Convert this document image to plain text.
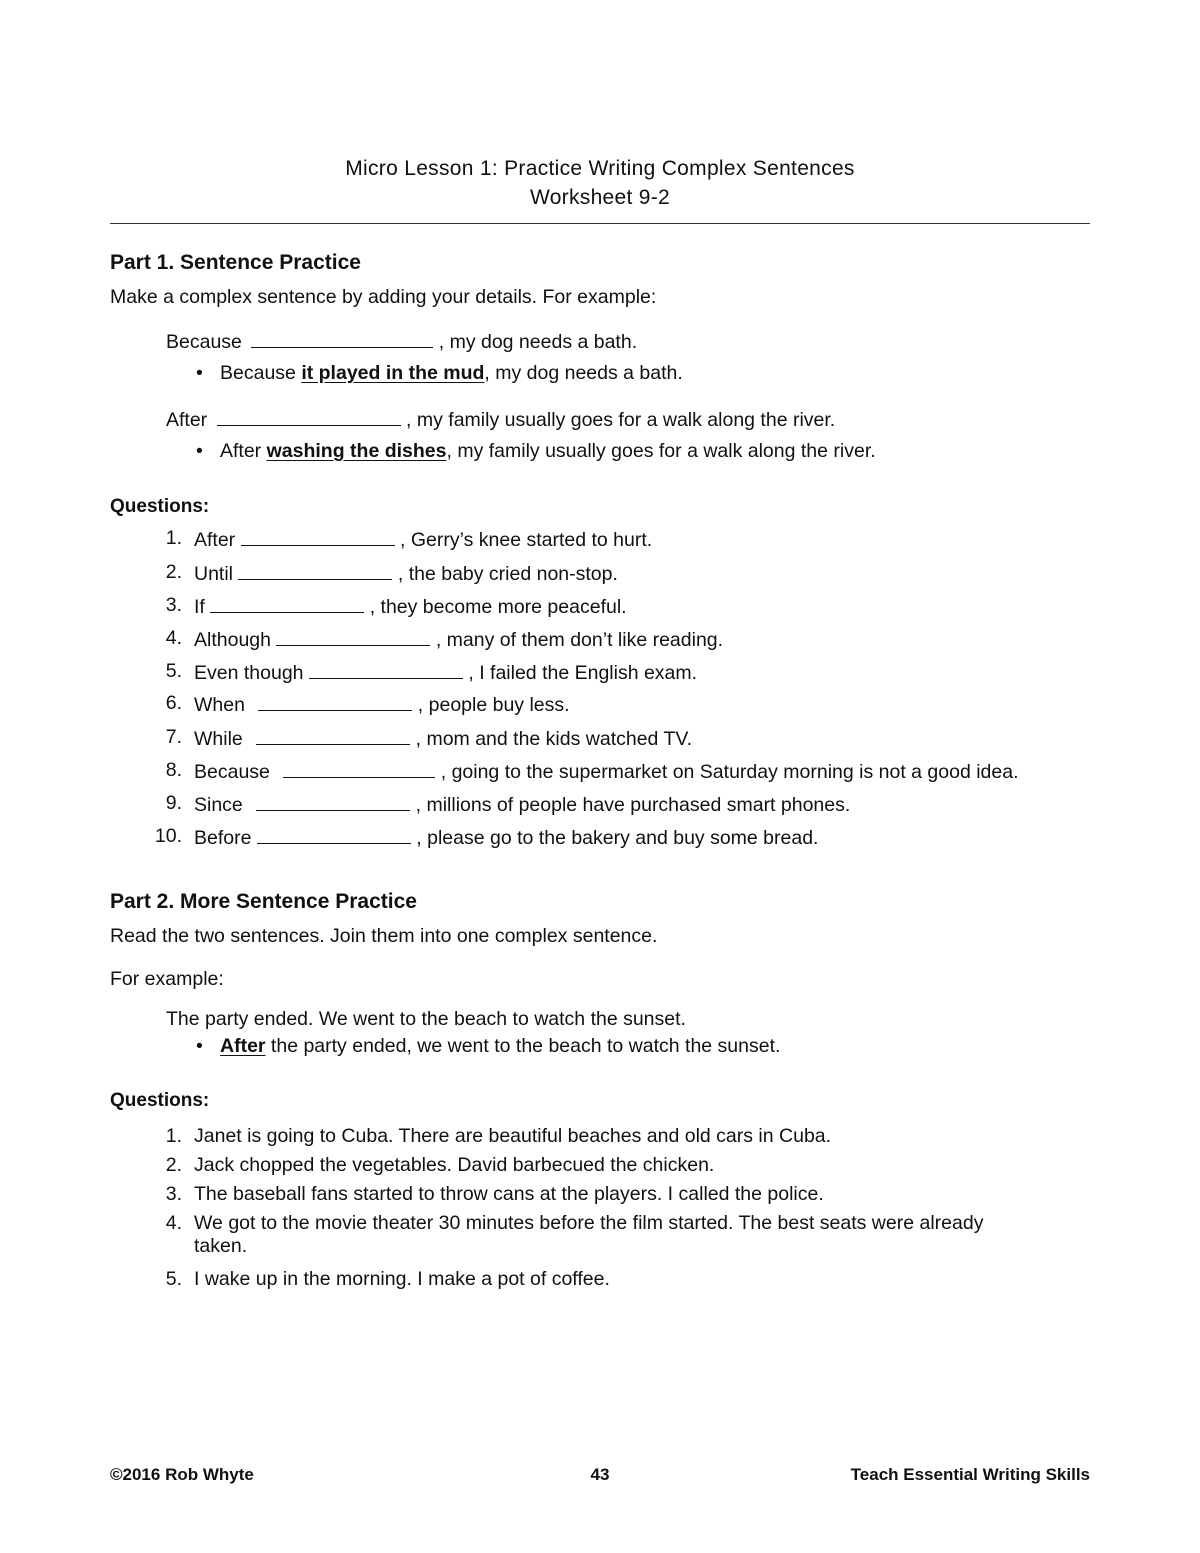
Micro Lesson 1: Practice Writing Complex Sentences
Worksheet 9-2
Part 1. Sentence Practice
Make a complex sentence by adding your details. For example:
Because	, my dog needs a bath.
• Because it played in the mud, my dog needs a bath.
After	, my family usually goes for a walk along the river.
• After washing the dishes, my family usually goes for a walk along the river.
Questions:
1. After	, Gerry’s knee started to hurt.
2. Until	, the baby cried non-stop.
3. If	, they become more peaceful.
4. Although	, many of them don’t like reading.
5. Even though	, I failed the English exam.
6. When	, people buy less.
7. While	, mom and the kids watched TV.
8. Because	, going to the supermarket on Saturday morning is not a good idea.
9. Since	, millions of people have purchased smart phones.
10. Before	, please go to the bakery and buy some bread.
Part 2. More Sentence Practice
Read the two sentences. Join them into one complex sentence.
For example:
The party ended. We went to the beach to watch the sunset.
• After the party ended, we went to the beach to watch the sunset.
Questions:
1. Janet is going to Cuba. There are beautiful beaches and old cars in Cuba.
2. Jack chopped the vegetables. David barbecued the chicken.
3. The baseball fans started to throw cans at the players. I called the police.
4. We got to the movie theater 30 minutes before the film started. The best seats were already
taken.
5. I wake up in the morning. I make a pot of coffee.
©2016 Rob Whyte	43	Teach Essential Writing Skills
